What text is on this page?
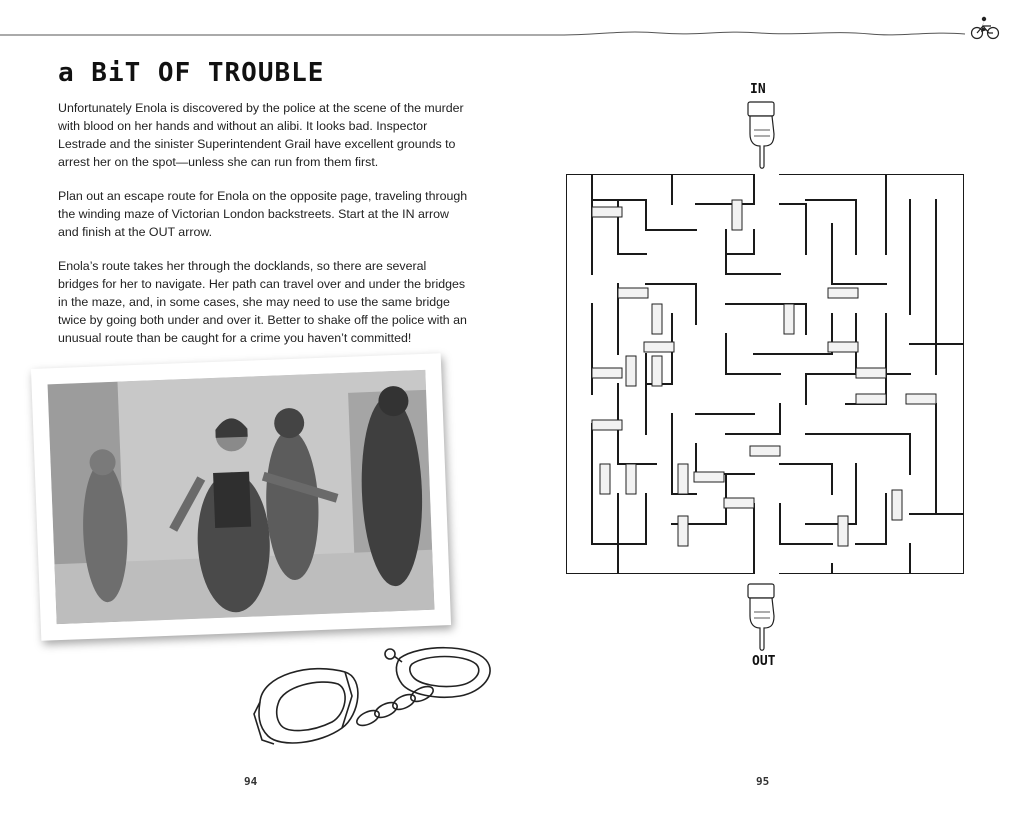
a BiT OF TROUBLE

Unfortunately Enola is discovered by the police at the scene of the murder with blood on her hands and without an alibi. It looks bad. Inspector Lestrade and the sinister Superintendent Grail have excellent grounds to arrest her on the spot—unless she can run from them first.

Plan out an escape route for Enola on the opposite page, traveling through the winding maze of Victorian London backstreets. Start at the IN arrow and finish at the OUT arrow.

Enola’s route takes her through the docklands, so there are several bridges for her to navigate. Her path can travel over and under the bridges in the maze, and, in some cases, she may need to use the same bridge twice by going both under and over it. Better to shake off the police with an unusual route than be caught for a crime you haven’t committed!

94
IN
OUT
95
